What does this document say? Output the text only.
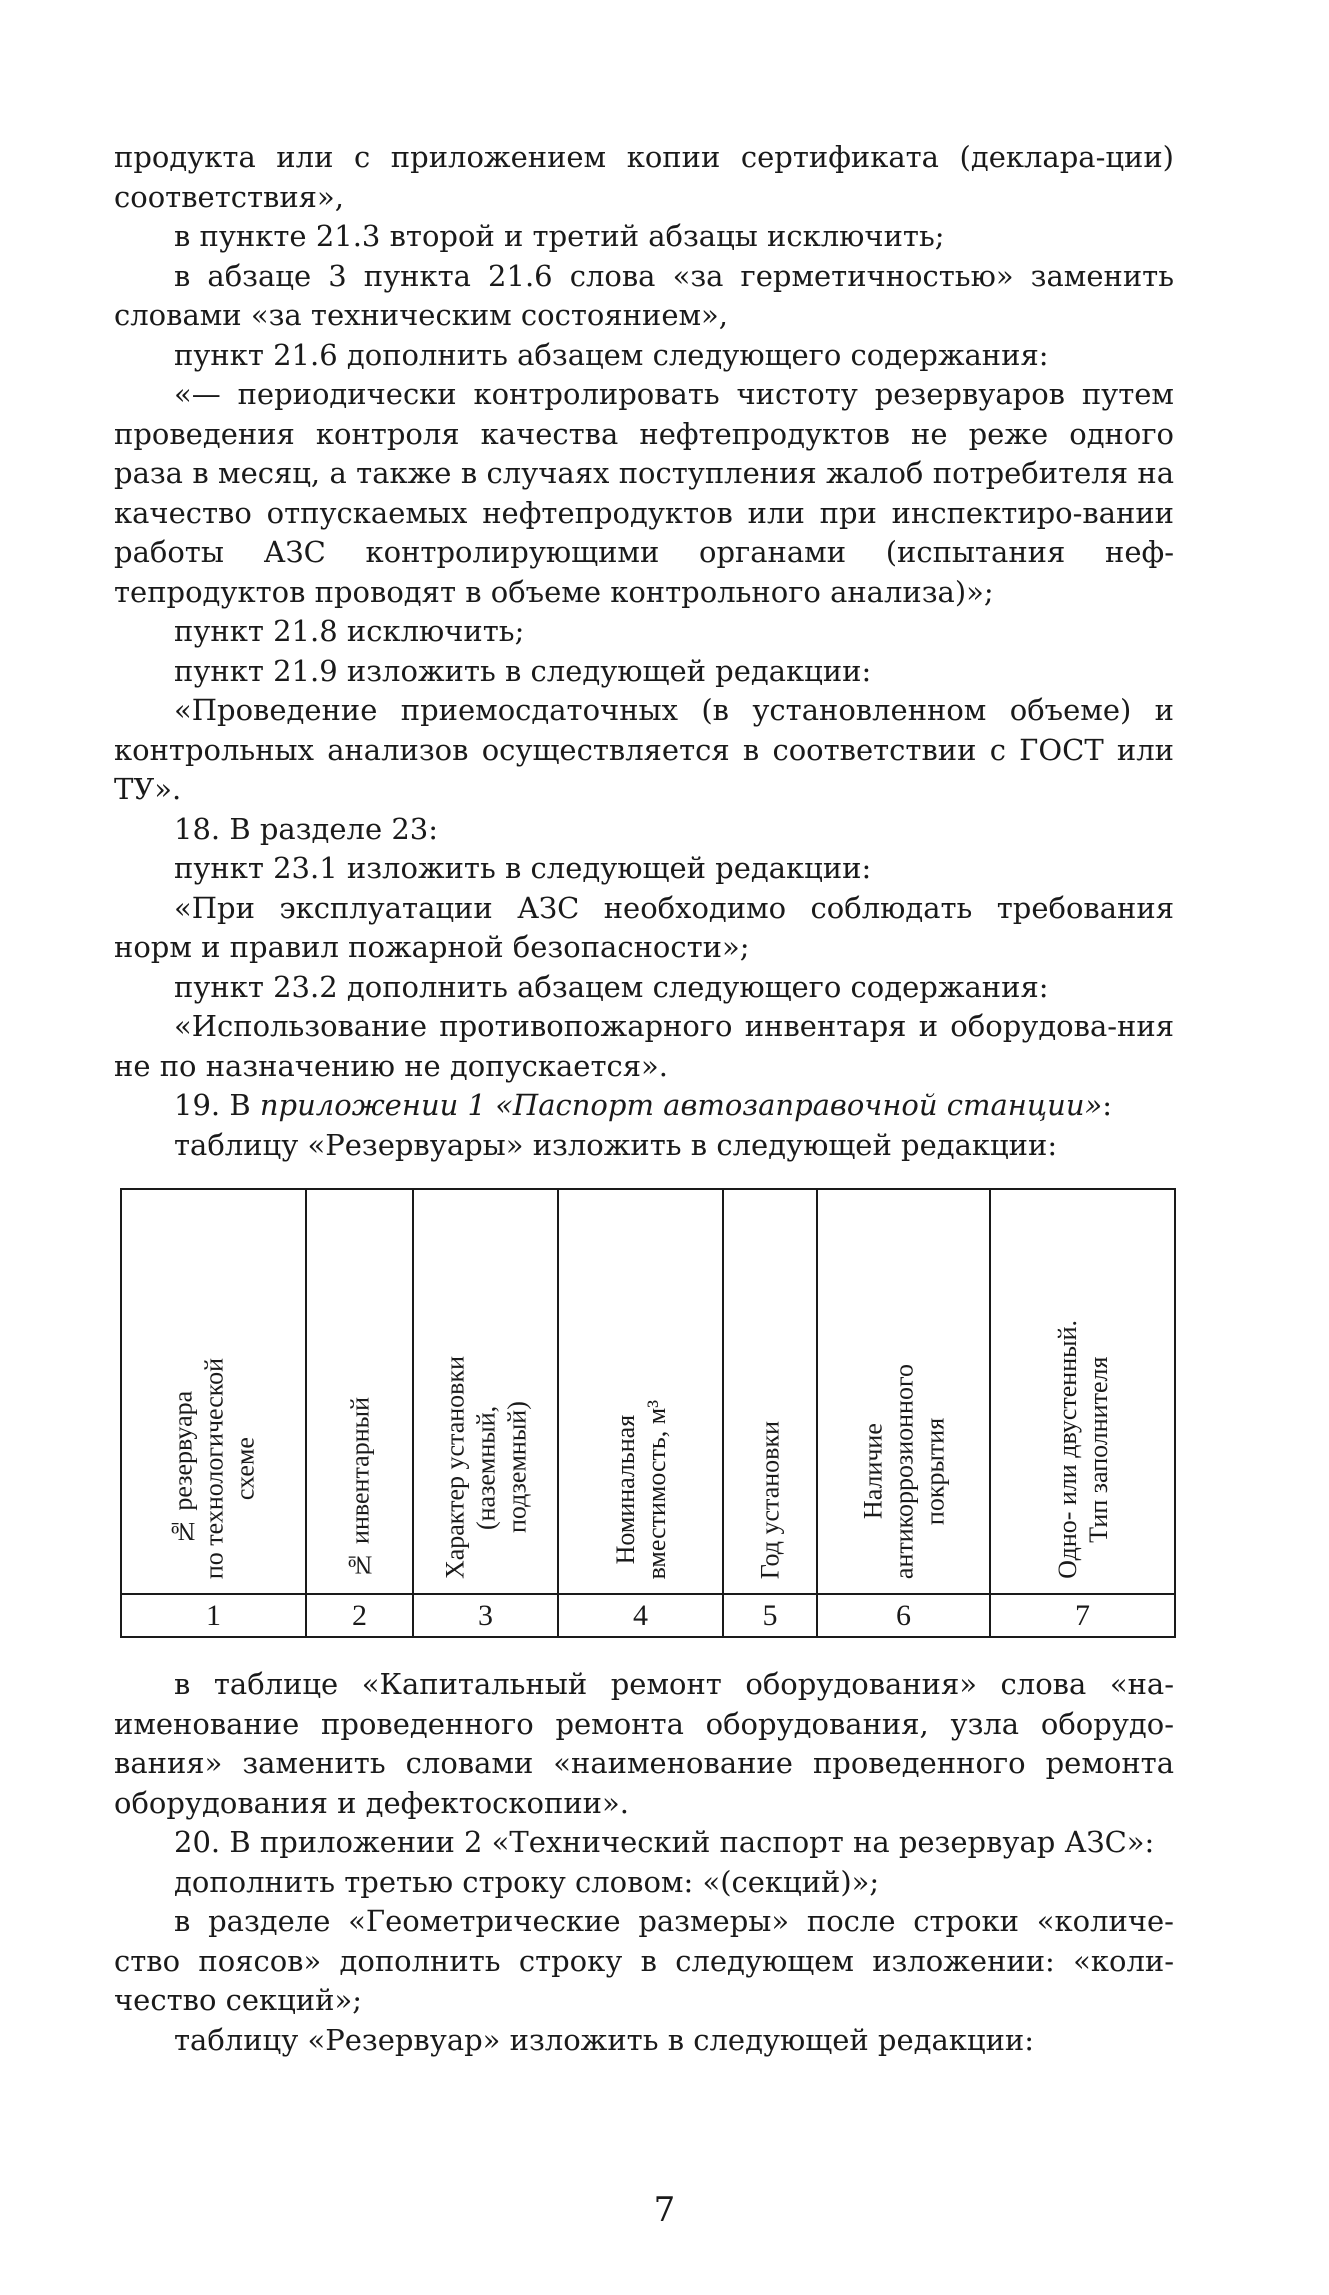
продукта или с приложением копии сертификата (деклара-ции) соответствия»,

в пункте 21.3 второй и третий абзацы исключить;

в абзаце 3 пункта 21.6 слова «за герметичностью» заменить словами «за техническим состоянием»,

пункт 21.6 дополнить абзацем следующего содержания:

«— периодически контролировать чистоту резервуаров путем проведения контроля качества нефтепродуктов не реже одного раза в месяц, а также в случаях поступления жалоб потребителя на качество отпускаемых нефтепродуктов или при инспектиро-вании работы АЗС контролирующими органами (испытания неф-тепродуктов проводят в объеме контрольного анализа)»;

пункт 21.8 исключить;

пункт 21.9 изложить в следующей редакции:

«Проведение приемосдаточных (в установленном объеме) и контрольных анализов осуществляется в соответствии с ГОСТ или ТУ».

18. В разделе 23:

пункт 23.1 изложить в следующей редакции:

«При эксплуатации АЗС необходимо соблюдать требования норм и правил пожарной безопасности»;

пункт 23.2 дополнить абзацем следующего содержания:

«Использование противопожарного инвентаря и оборудова-ния не по назначению не допускается».

19. В приложении 1 «Паспорт автозаправочной станции»:

таблицу «Резервуары» изложить в следующей редакции:

№ резервуара
по технологической
схеме	№ инвентарный	Характер установки
(наземный,
подземный)	Номинальная
вместимость, м³	Год установки	Наличие
антикоррозионного
покрытия	Одно- или двустенный.
Тип заполнителя

1	2	3	4	5	6	7

в таблице «Капитальный ремонт оборудования» слова «на-именование проведенного ремонта оборудования, узла оборудо-вания» заменить словами «наименование проведенного ремонта оборудования и дефектоскопии».

20. В приложении 2 «Технический паспорт на резервуар АЗС»:

дополнить третью строку словом: «(секций)»;

в разделе «Геометрические размеры» после строки «количе-ство поясов» дополнить строку в следующем изложении: «коли-чество секций»;

таблицу «Резервуар» изложить в следующей редакции:

7
